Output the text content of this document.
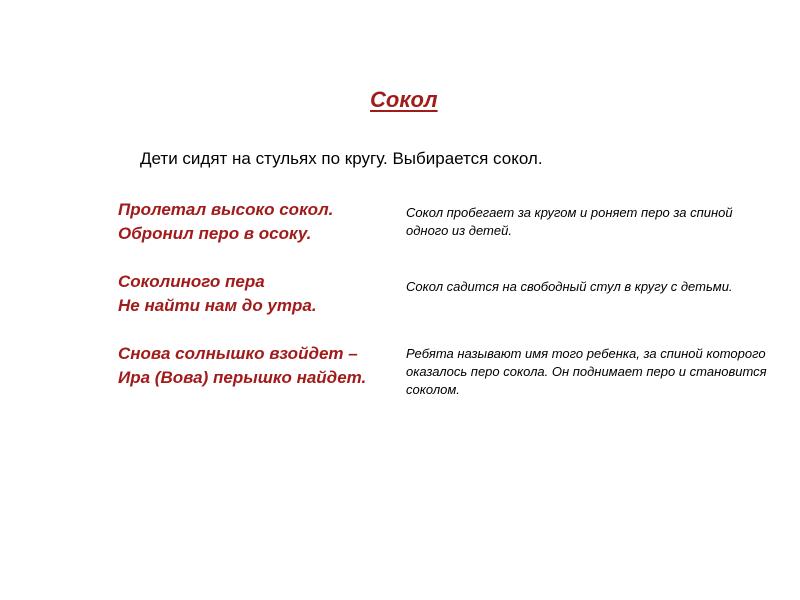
Сокол
Дети сидят на стульях по кругу. Выбирается сокол.
Пролетал высоко сокол.
Обронил перо в осоку.
Соколиного пера
Не найти нам до утра.
Снова солнышко взойдет –
Ира (Вова) перышко найдет.
Сокол пробегает за кругом и роняет перо за спиной одного из детей.
Сокол садится на свободный стул в кругу с детьми.
Ребята называют имя того ребенка, за спиной которого оказалось перо сокола. Он поднимает перо и становится соколом.
